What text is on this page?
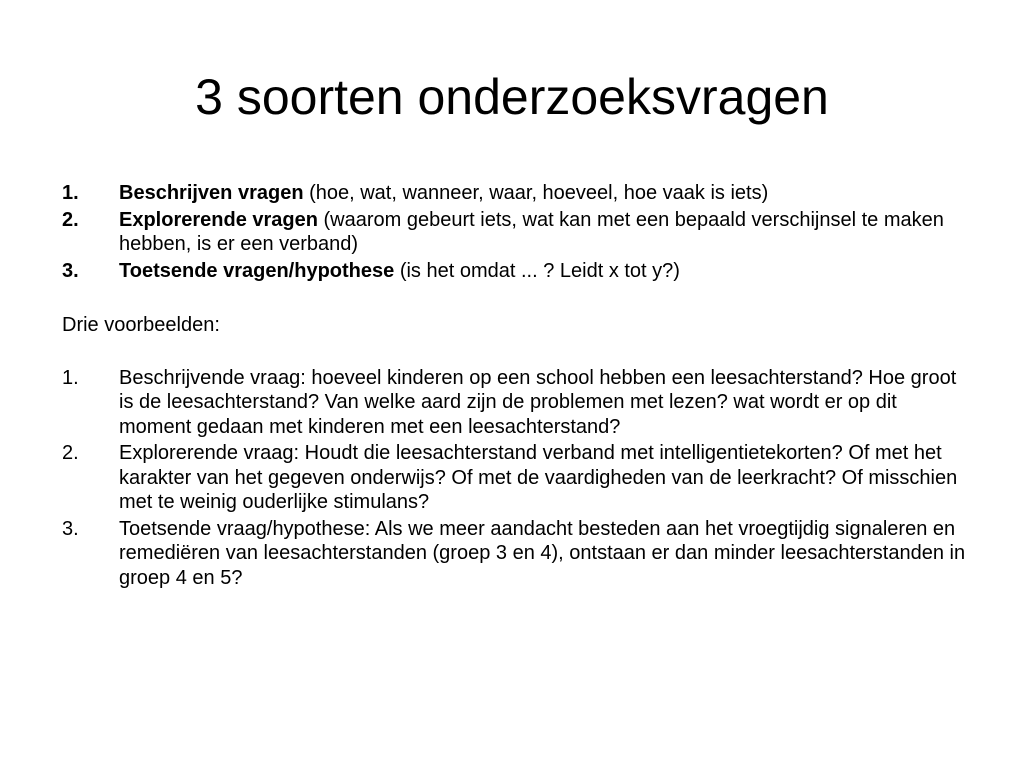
3 soorten onderzoeksvragen
1.	Beschrijven vragen (hoe, wat, wanneer, waar, hoeveel, hoe vaak is iets)
2.	Explorerende vragen (waarom gebeurt iets, wat kan met een bepaald verschijnsel te maken hebben, is er een verband)
3.	Toetsende vragen/hypothese (is het omdat ... ? Leidt x tot y?)

Drie voorbeelden:

1.	Beschrijvende vraag: hoeveel kinderen op een school hebben een leesachterstand? Hoe groot is de leesachterstand? Van welke aard zijn de problemen met lezen? wat wordt er op dit moment gedaan met kinderen met een leesachterstand?
2.	Explorerende vraag: Houdt die leesachterstand verband met intelligentietekorten? Of met het karakter van het gegeven onderwijs? Of met de vaardigheden van de leerkracht? Of misschien met te weinig ouderlijke stimulans?
3.	Toetsende vraag/hypothese: Als we meer aandacht besteden aan het vroegtijdig signaleren en remediëren van leesachterstanden (groep 3 en 4), ontstaan er dan minder leesachterstanden in groep 4 en 5?
